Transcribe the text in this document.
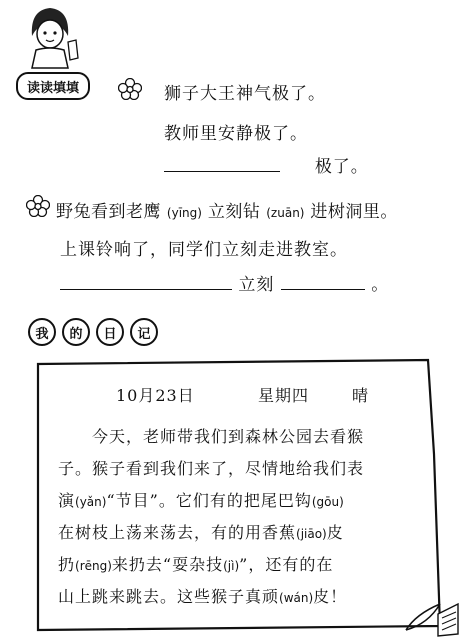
读读填填	狮子大王神气极了。
教师里安静极了。
极了。
野兔看到老鹰 (yīng) 立刻钻 (zuān) 进树洞里。
上课铃响了，同学们立刻走进教室。
立刻	。
我	的	日	记
10月23日	星期四	晴
今天，老师带我们到森林公园去看猴
子。猴子看到我们来了，尽情地给我们表
演(yǎn)“节目”。它们有的把尾巴钩(gōu)
在树枝上荡来荡去，有的用香蕉(jiāo)皮
扔(rēng)来扔去“耍杂技(jì)”，还有的在
山上跳来跳去。这些猴子真顽(wán)皮！
